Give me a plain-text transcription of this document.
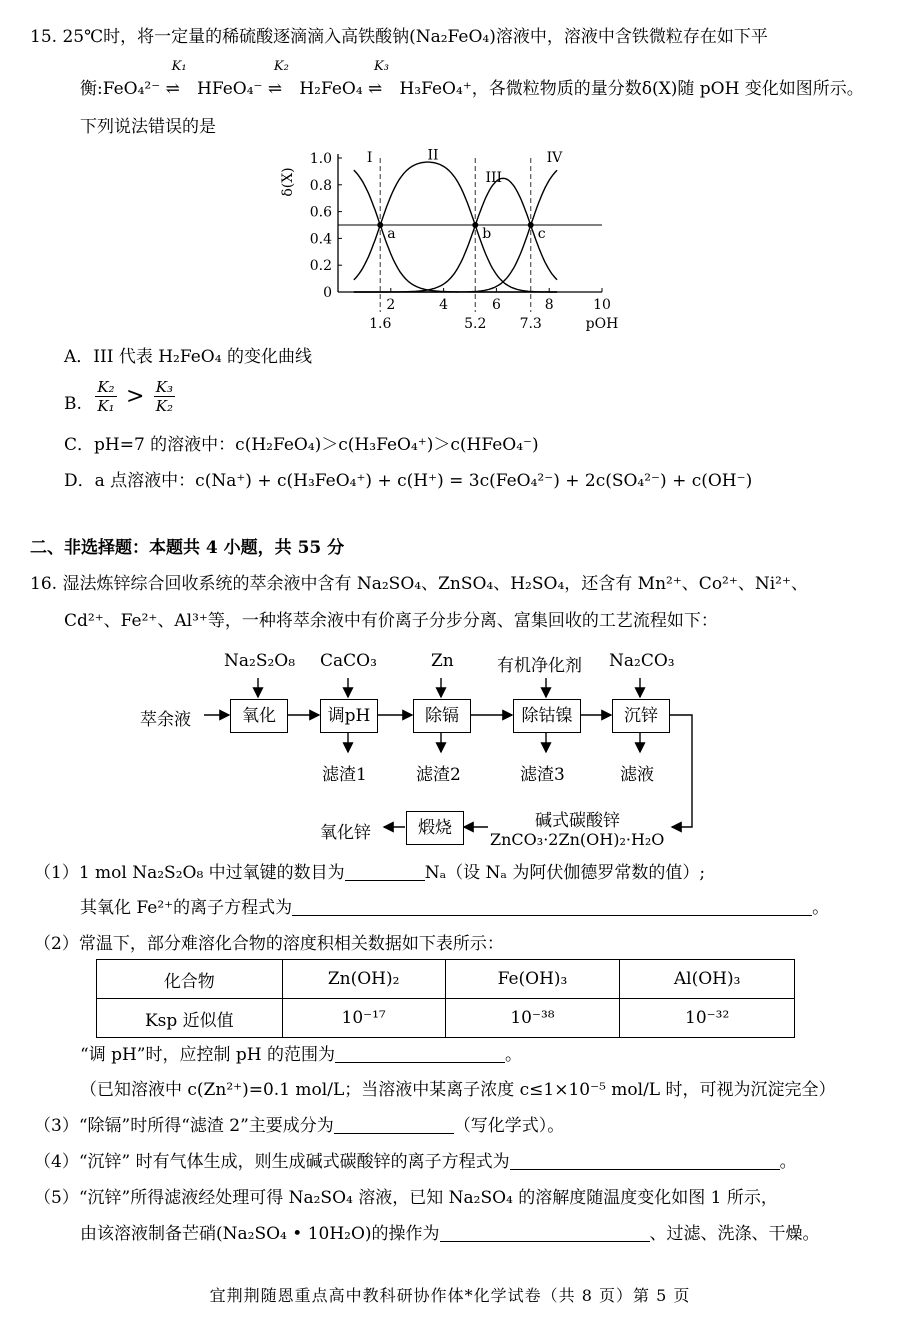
15. 25℃时，将一定量的稀硫酸逐滴滴入高铁酸钠(Na₂FeO₄)溶液中，溶液中含铁微粒存在如下平
衡:FeO₄²⁻
K₁
⇌ HFeO₄⁻
K₂
⇌ H₂FeO₄
K₃
⇌ H₃FeO₄⁺，各微粒物质的量分数δ(X)随 pOH 变化如图所示。
下列说法错误的是
1.0
0.8
0.6
0.4
0.2
0
2	4	6	8	10
1.6	5.2 7.3	pOH
δ(X)
I	II
III
IV
a	b	c
A．III 代表 H₂FeO₄ 的变化曲线
B. $\frac{\text{K₂}}{\text{K₁}} > \frac{\text{K₃}}{\text{K₂}}$
C．pH=7 的溶液中：c(H₂FeO₄)＞c(H₃FeO₄⁺)＞c(HFeO₄⁻)
D．a 点溶液中：c(Na⁺) + c(H₃FeO₄⁺) + c(H⁺) = 3c(FeO₄²⁻) + 2c(SO₄²⁻) + c(OH⁻)
二、非选择题：本题共 4 小题，共 55 分
16. 湿法炼锌综合回收系统的萃余液中含有 Na₂SO₄、ZnSO₄、H₂SO₄，还含有 Mn²⁺、Co²⁺、Ni²⁺、
Cd²⁺、Fe²⁺、Al³⁺等，一种将萃余液中有价离子分步分离、富集回收的工艺流程如下：
萃余液
Na₂S₂O₈ CaCO₃	Zn	有机净化剂 Na₂CO₃
氧化	调pH	除镉	除钴镍	沉锌
滤渣1	滤渣2	滤渣3	滤液
碱式碳酸锌
ZnCO₃·2Zn(OH)₂·H₂O
煅烧
氧化锌
（1）1 mol Na₂S₂O₈ 中过氧键的数目为	Nₐ（设 Nₐ 为阿伏伽德罗常数的值）;
其氧化 Fe²⁺的离子方程式为	。
（2）常温下，部分难溶化合物的溶度积相关数据如下表所示：
化合物	Zn(OH)₂	Fe(OH)₃	Al(OH)₃
Ksp 近似值	10⁻¹⁷	10⁻³⁸	10⁻³²
“调 pH”时，应控制 pH 的范围为	。
（已知溶液中 c(Zn²⁺)=0.1 mol/L；当溶液中某离子浓度 c≤1×10⁻⁵ mol/L 时，可视为沉淀完全）
（3）“除镉”时所得“滤渣 2”主要成分为	（写化学式）。
（4）“沉锌” 时有气体生成，则生成碱式碳酸锌的离子方程式为	。
（5）“沉锌”所得滤液经处理可得 Na₂SO₄ 溶液，已知 Na₂SO₄ 的溶解度随温度变化如图 1 所示，
由该溶液制备芒硝(Na₂SO₄ • 10H₂O)的操作为	、过滤、洗涤、干燥。
宜荆荆随恩重点高中教科研协作体*化学试卷（共 8 页）第 5 页
